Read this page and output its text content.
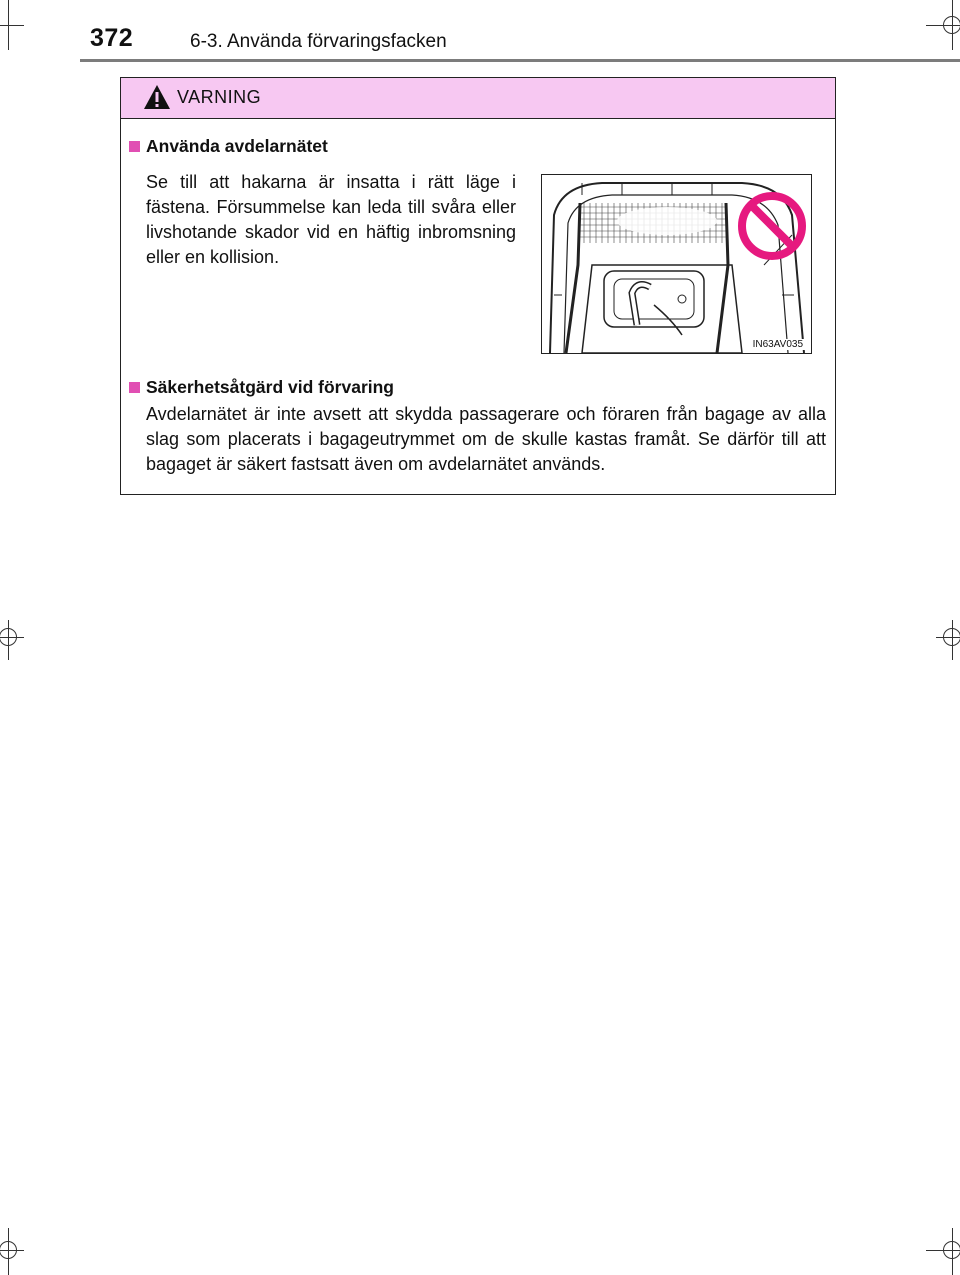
372	6-3. Använda förvaringsfacken
VARNING
Använda avdelarnätet
Se till att hakarna är insatta i rätt läge i fästena. Försummelse kan leda till svåra eller livshotande skador vid en häftig inbromsning eller en kollision.
IN63AV035
Säkerhetsåtgärd vid förvaring
Avdelarnätet är inte avsett att skydda passagerare och föraren från bagage av alla slag som placerats i bagageutrymmet om de skulle kastas framåt. Se därför till att bagaget är säkert fastsatt även om avdelarnätet används.
